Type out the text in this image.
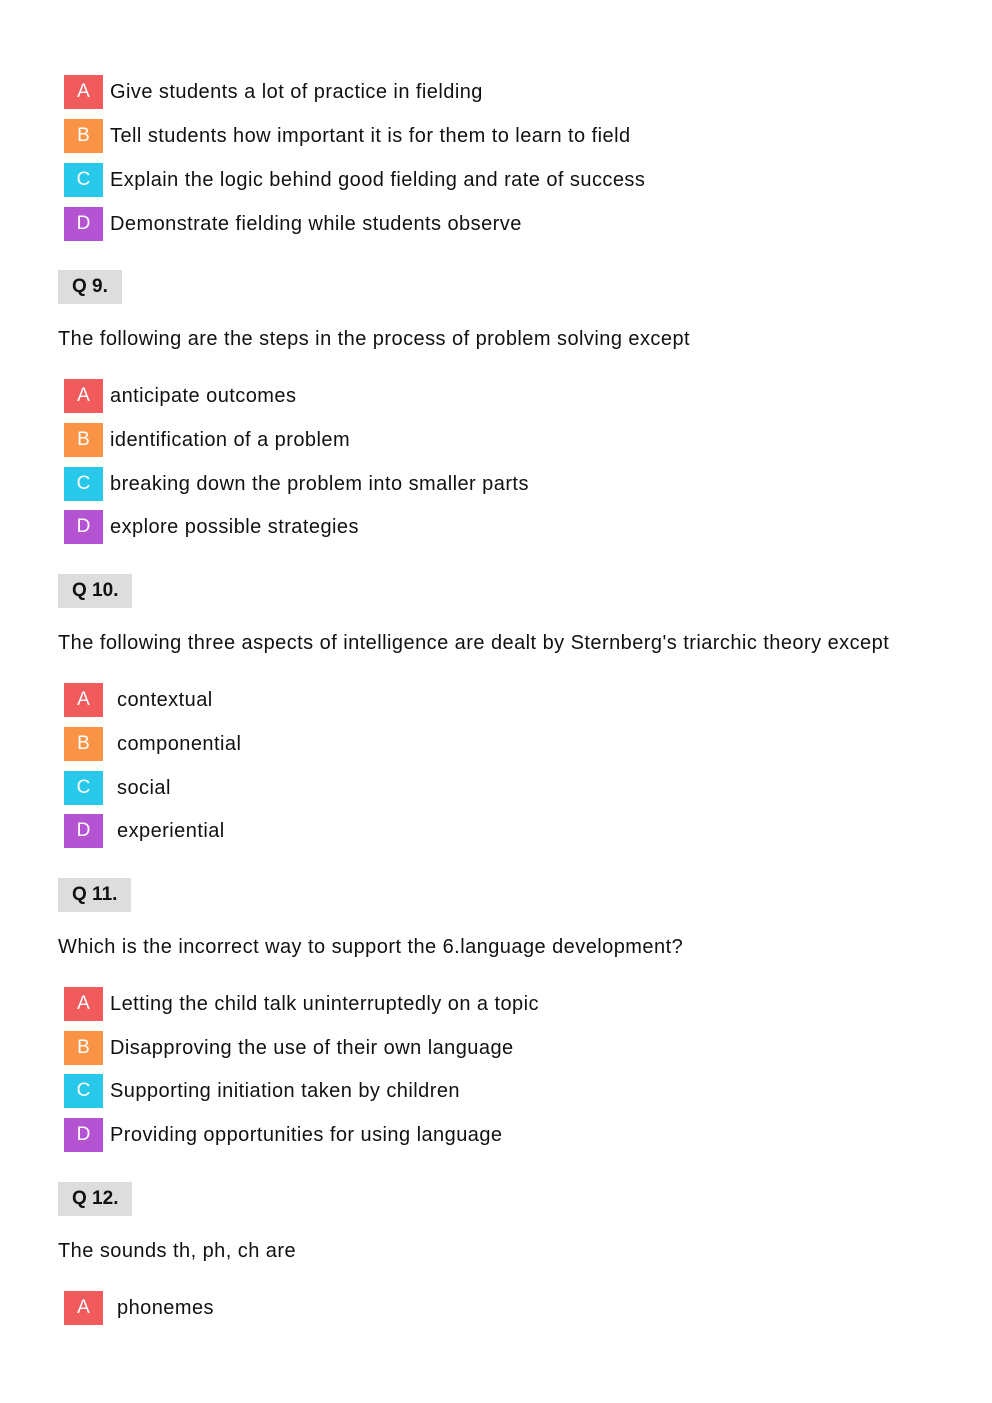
A	Give students a lot of practice in fielding
B	Tell students how important it is for them to learn to field
C Explain the logic behind good fielding and rate of success
D Demonstrate fielding while students observe
Q 9.
The following are the steps in the process of problem solving except
A	anticipate outcomes
B	identification of a problem
C breaking down the problem into smaller parts
D explore possible strategies
Q 10.
The following three aspects of intelligence are dealt by Sternberg's triarchic theory except
A	contextual
B	componential
C	social
D	experiential
Q 11.
Which is the incorrect way to support the 6.language development?
A	Letting the child talk uninterruptedly on a topic
B	Disapproving the use of their own language
C Supporting initiation taken by children
D Providing opportunities for using language
Q 12.
The sounds th, ph, ch are
A	phonemes
